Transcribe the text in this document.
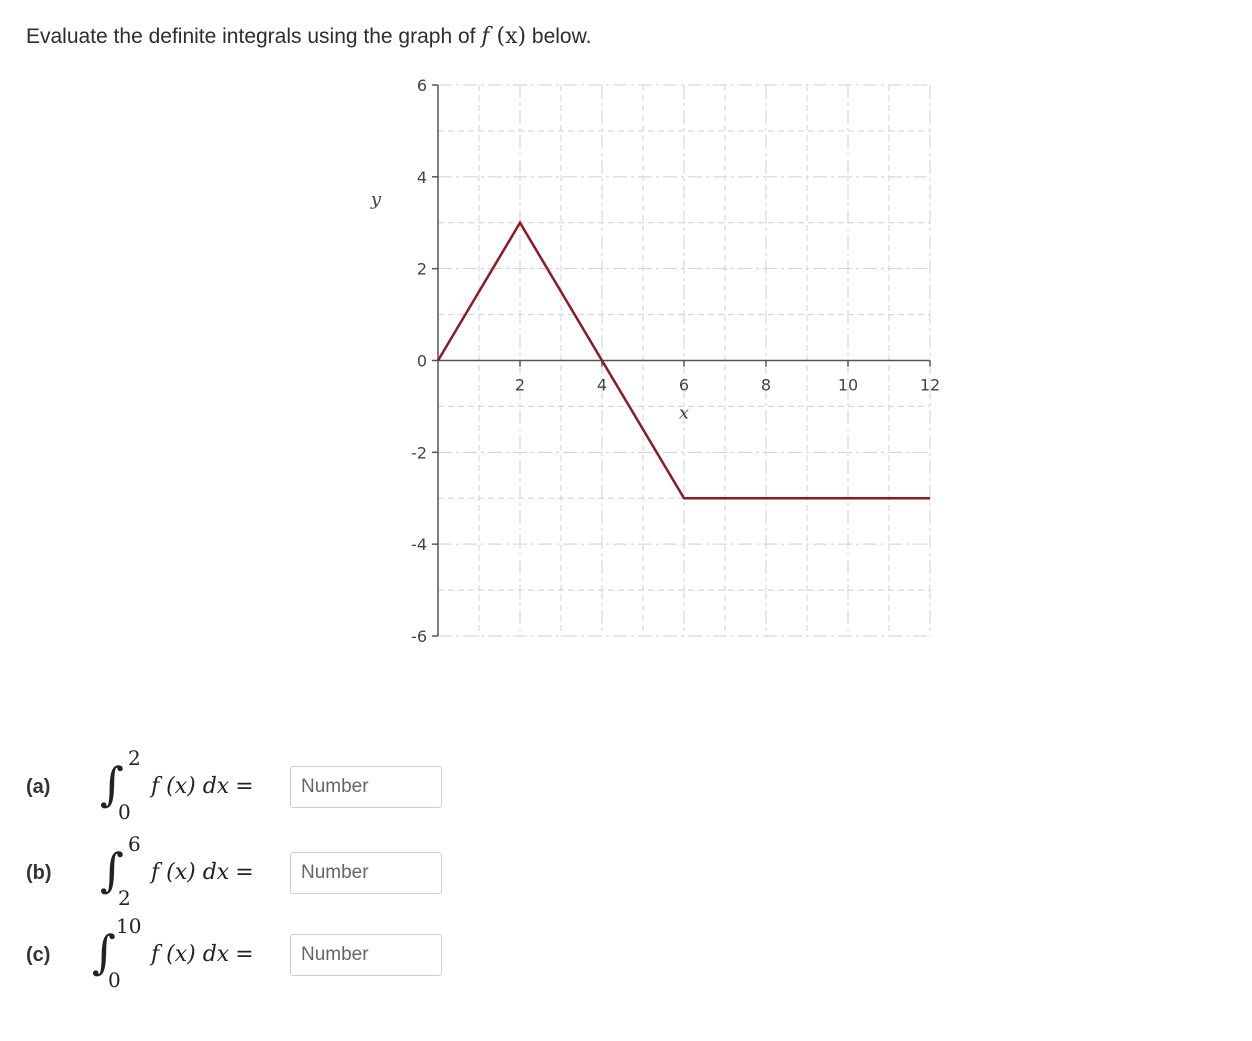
Evaluate the definite integrals using the graph of f (x) below.
6
4
2
0
-2
-4
-6
2	4	6	8	10	12
y
x
(a) ∫ 2
0
f (x) dx =
Number
(b) ∫ 6
2
f (x) dx =
Number
(c) ∫ 10
0
f (x) dx =
Number
